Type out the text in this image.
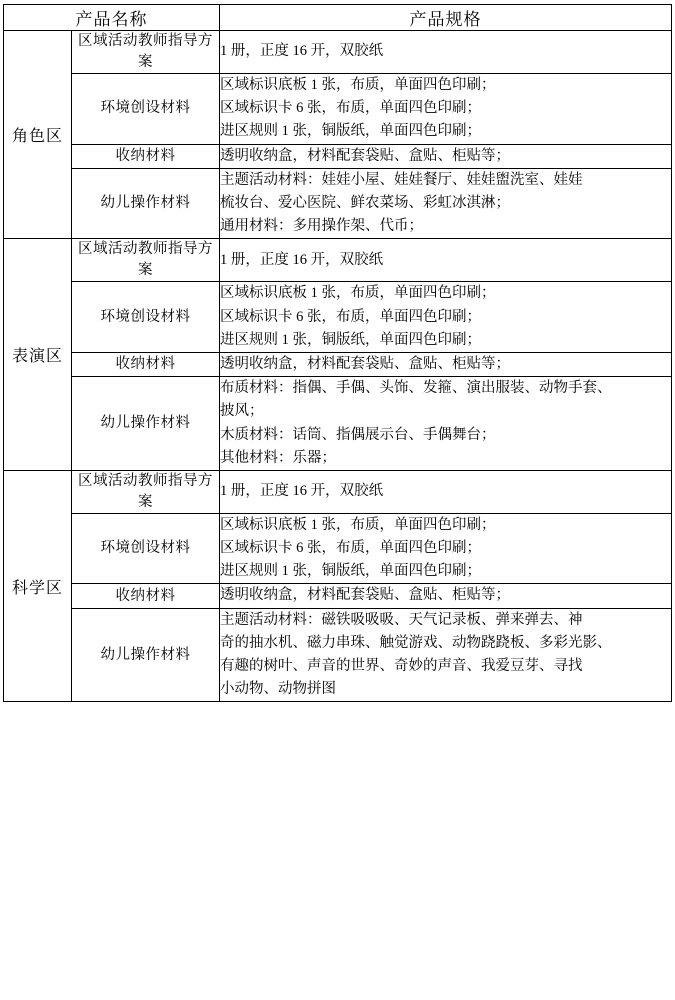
产品名称		产品规格
角色区	区域活动教师指导方案	1 册，正度 16 开，双胶纸

	环境创设材料	区域标识底板 1 张，布质，单面四色印刷；
区域标识卡 6 张，布质，单面四色印刷；
进区规则 1 张，铜版纸，单面四色印刷；

	收纳材料	透明收纳盒，材料配套袋贴、盒贴、柜贴等；

	幼儿操作材料	主题活动材料：娃娃小屋、娃娃餐厅、娃娃盥洗室、娃娃
梳妆台、爱心医院、鲜农菜场、彩虹冰淇淋；
通用材料：多用操作架、代币；

表演区	区域活动教师指导方案	1 册，正度 16 开，双胶纸

	环境创设材料	区域标识底板 1 张，布质，单面四色印刷；
区域标识卡 6 张，布质，单面四色印刷；
进区规则 1 张，铜版纸，单面四色印刷；

	收纳材料	透明收纳盒，材料配套袋贴、盒贴、柜贴等；

	幼儿操作材料	布质材料：指偶、手偶、头饰、发箍、演出服装、动物手套、
披风；
木质材料：话筒、指偶展示台、手偶舞台；
其他材料：乐器；

科学区	区域活动教师指导方案	1 册，正度 16 开，双胶纸

	环境创设材料	区域标识底板 1 张，布质，单面四色印刷；
区域标识卡 6 张，布质，单面四色印刷；
进区规则 1 张，铜版纸，单面四色印刷；

	收纳材料	透明收纳盒，材料配套袋贴、盒贴、柜贴等；

	幼儿操作材料	主题活动材料：磁铁吸吸吸、天气记录板、弹来弹去、神
奇的抽水机、磁力串珠、触觉游戏、动物跷跷板、多彩光影、
有趣的树叶、声音的世界、奇妙的声音、我爱豆芽、寻找
小动物、动物拼图
